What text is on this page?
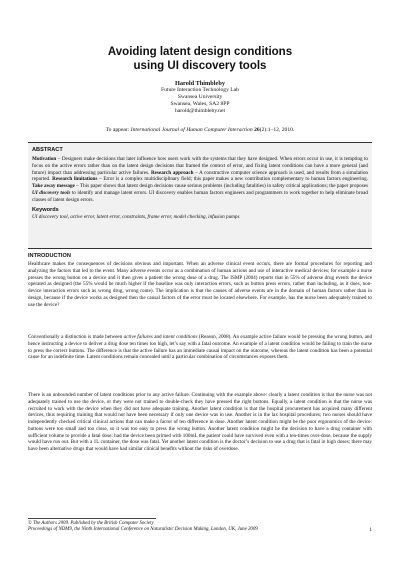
Avoiding latent design conditions
using UI discovery tools
Harold Thimbleby
Future Interaction Technology Lab
Swansea University
Swansea, Wales, SA2 8PP
harold@thimbleby.net
To appear: International Journal of Human Computer Interaction 26(2):1–12, 2010.
ABSTRACT

Motivation – Designers make decisions that later influence how users work with the systems that they have designed. When errors occur in use, it is tempting to focus on the active errors rather than on the latent design decisions that framed the context of error, and fixing latent conditions can have a more general (and future) impact than addressing particular active failures. Research approach – A constructive computer science approach is used, and results from a simulation reported. Research limitations – Error is a complex multidisciplinary field; this paper makes a new contribution complementary to human factors engineering. Take away message – This paper shows that latent design decisions cause serious problems (including fatalities) in safety critical applications; the paper proposes UI discovery tools to identify and manage latent errors. UI discovery enables human factors engineers and programmers to work together to help eliminate broad classes of latent design errors.

Keywords

UI discovery tool, active error, latent error, constraints, frame error, model checking, infusion pumps

INTRODUCTION

Healthcare makes the consequences of decisions obvious and important. When an adverse clinical event occurs, there are formal procedures for reporting and analyzing the factors that led to the event. Many adverse events occur as a combination of human actions and use of interactive medical devices; for example a nurse presses the wrong button on a device and it then gives a patient the wrong dose of a drug. The ISMP (2004) reports that in 55% of adverse drug events the device operated as designed (the 55% would be much higher if the baseline was only interaction errors, such as button press errors, rather than including, as it does, non-device interaction errors such as wrong drug, wrong route). The implication is that the causes of adverse events are in the domain of human factors rather than in design, because if the device works as designed then the causal factors of the error must be located elsewhere. For example, has the nurse been adequately trained to use the device?

Conventionally a distinction is made between active failures and latent conditions (Reason, 2008). An example active failure would be pressing the wrong button, and hence instructing a device to deliver a drug dose ten times too high, let’s say with a fatal outcome. An example of a latent condition would be failing to train the nurse to press the correct buttons. The difference is that the active failure has an immediate causal impact on the outcome, whereas the latent condition has been a potential cause for an indefinite time. Latent conditions remain concealed until a particular combination of circumstances exposes them.

There is an unbounded number of latent conditions prior to any active failure. Continuing with the example above: clearly a latent condition is that the nurse was not adequately trained to use the device, or they were not trained to double-check they have pressed the right buttons. Equally, a latent condition is that the nurse was recruited to work with the device when they did not have adequate training. Another latent condition is that the hospital procurement has acquired many different devices, thus requiring training that would not have been necessary if only one device was in use. Another is in the lax hospital procedures; two nurses should have independently checked critical clinical actions that can make a factor of ten difference in dose. Another latent condition might be the poor ergonomics of the device: buttons were too small and too close, so it was too easy to press the wrong button. Another latent condition might be the decision to have a drug container with sufficient volume to provide a fatal dose: had the device been primed with 100mL the patient could have survived even with a ten-times over-dose, because the supply would have run out. But with a 1L container, the dose was fatal. Yet another latent condition is the doctor’s decision to use a drug that is fatal in high doses; there may have been alternative drugs that would have had similar clinical benefits without the risks of overdose.

© The Authors 2009. Published by the British Computer Society
Proceedings of NDM9, the Ninth International Conference on Naturalistic Decision Making, London, UK, June 2009	1
